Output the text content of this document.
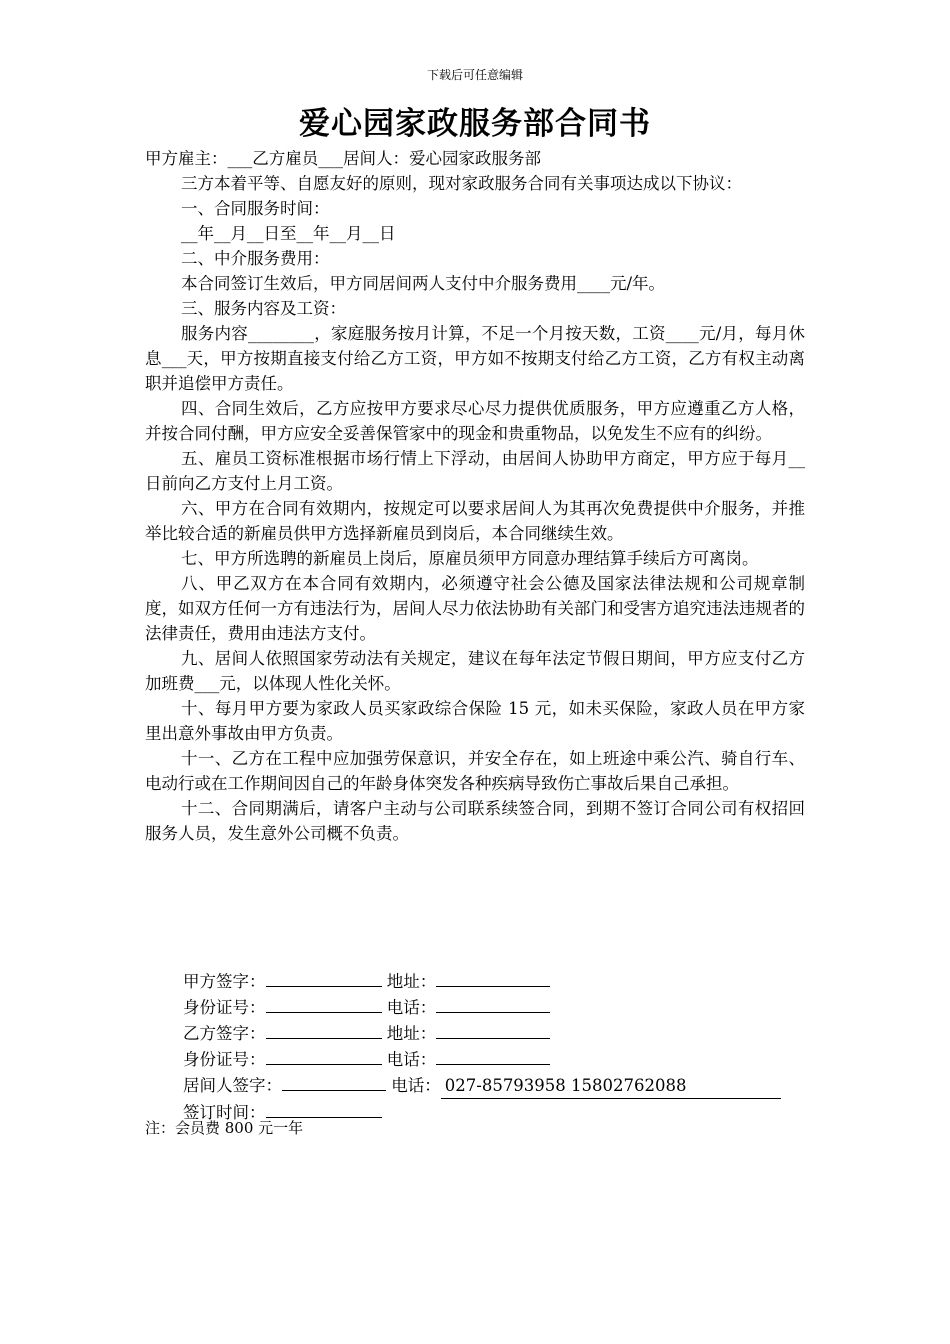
下载后可任意编辑
爱心园家政服务部合同书

甲方雇主：___乙方雇员___居间人：爱心园家政服务部

三方本着平等、自愿友好的原则，现对家政服务合同有关事项达成以下协议：

一、合同服务时间：

__年__月__日至__年__月__日

二、中介服务费用：

本合同签订生效后，甲方同居间两人支付中介服务费用____元/年。

三、服务内容及工资：

服务内容________，家庭服务按月计算，不足一个月按天数，工资____元/月，每月休息___天，甲方按期直接支付给乙方工资，甲方如不按期支付给乙方工资，乙方有权主动离职并追偿甲方责任。

四、合同生效后，乙方应按甲方要求尽心尽力提供优质服务，甲方应遵重乙方人格，并按合同付酬，甲方应安全妥善保管家中的现金和贵重物品，以免发生不应有的纠纷。

五、雇员工资标准根据市场行情上下浮动，由居间人协助甲方商定，甲方应于每月__日前向乙方支付上月工资。

六、甲方在合同有效期内，按规定可以要求居间人为其再次免费提供中介服务，并推举比较合适的新雇员供甲方选择新雇员到岗后，本合同继续生效。

七、甲方所选聘的新雇员上岗后，原雇员须甲方同意办理结算手续后方可离岗。

八、甲乙双方在本合同有效期内，必须遵守社会公德及国家法律法规和公司规章制度，如双方任何一方有违法行为，居间人尽力依法协助有关部门和受害方追究违法违规者的法律责任，费用由违法方支付。

九、居间人依照国家劳动法有关规定，建议在每年法定节假日期间，甲方应支付乙方加班费___元，以体现人性化关怀。

十、每月甲方要为家政人员买家政综合保险 15 元，如未买保险，家政人员在甲方家里出意外事故由甲方负责。

十一、乙方在工程中应加强劳保意识，并安全存在，如上班途中乘公汽、骑自行车、电动行或在工作期间因自己的年龄身体突发各种疾病导致伤亡事故后果自己承担。

十二、合同期满后，请客户主动与公司联系续签合同，到期不签订合同公司有权招回服务人员，发生意外公司概不负责。

甲方签字：	地址：
身份证号：	电话：
乙方签字：	地址：
身份证号：	电话：
居间人签字：	电话： 027-85793958 15802762088
签订时间：
注：会员费 800 元一年
